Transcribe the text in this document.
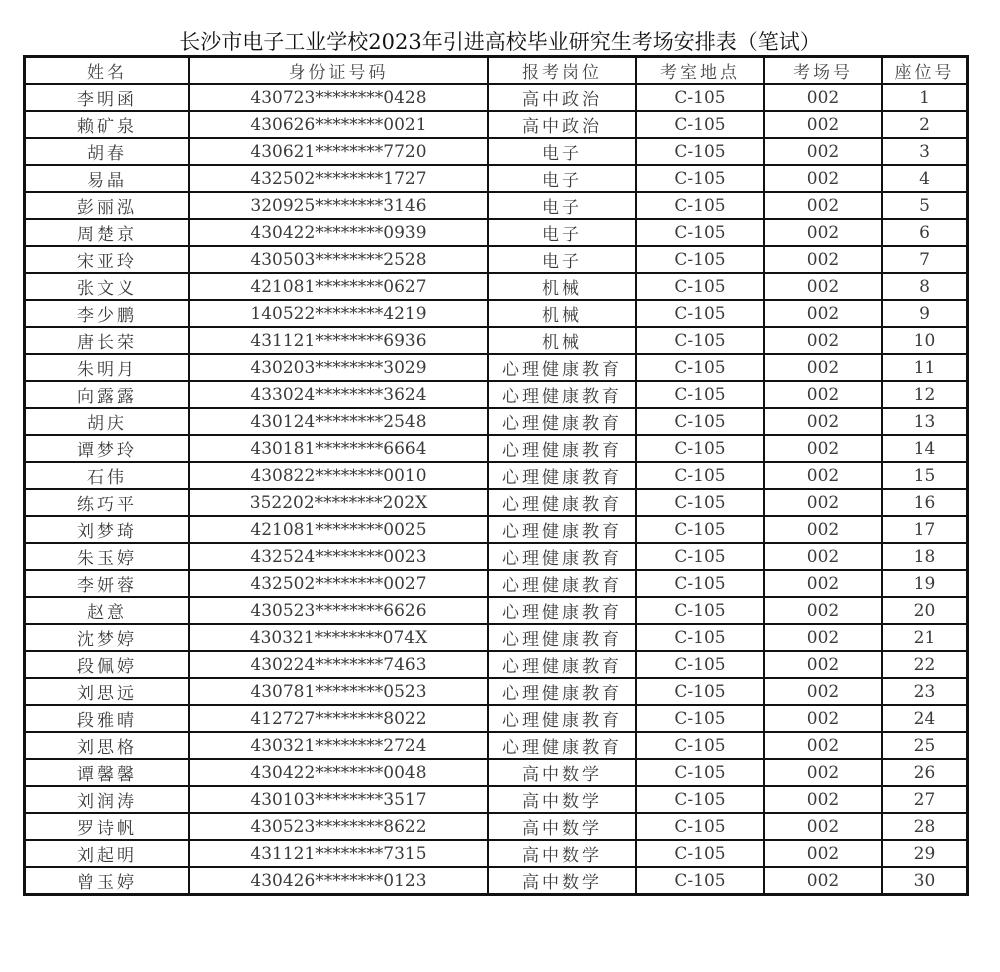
长沙市电子工业学校2023年引进高校毕业研究生考场安排表（笔试）
姓名	身份证号码	报考岗位	考室地点	考场号	座位号
李明函	430723********0428	高中政治	C-105	002	1
赖矿泉	430626********0021	高中政治	C-105	002	2
胡春	430621********7720	电子	C-105	002	3
易晶	432502********1727	电子	C-105	002	4
彭丽泓	320925********3146	电子	C-105	002	5
周楚京	430422********0939	电子	C-105	002	6
宋亚玲	430503********2528	电子	C-105	002	7
张文义	421081********0627	机械	C-105	002	8
李少鹏	140522********4219	机械	C-105	002	9
唐长荣	431121********6936	机械	C-105	002	10
朱明月	430203********3029	心理健康教育	C-105	002	11
向露露	433024********3624	心理健康教育	C-105	002	12
胡庆	430124********2548	心理健康教育	C-105	002	13
谭梦玲	430181********6664	心理健康教育	C-105	002	14
石伟	430822********0010	心理健康教育	C-105	002	15
练巧平	352202********202X	心理健康教育	C-105	002	16
刘梦琦	421081********0025	心理健康教育	C-105	002	17
朱玉婷	432524********0023	心理健康教育	C-105	002	18
李妍蓉	432502********0027	心理健康教育	C-105	002	19
赵意	430523********6626	心理健康教育	C-105	002	20
沈梦婷	430321********074X	心理健康教育	C-105	002	21
段佩婷	430224********7463	心理健康教育	C-105	002	22
刘思远	430781********0523	心理健康教育	C-105	002	23
段雅晴	412727********8022	心理健康教育	C-105	002	24
刘思格	430321********2724	心理健康教育	C-105	002	25
谭馨馨	430422********0048	高中数学	C-105	002	26
刘润涛	430103********3517	高中数学	C-105	002	27
罗诗帆	430523********8622	高中数学	C-105	002	28
刘起明	431121********7315	高中数学	C-105	002	29
曾玉婷	430426********0123	高中数学	C-105	002	30
